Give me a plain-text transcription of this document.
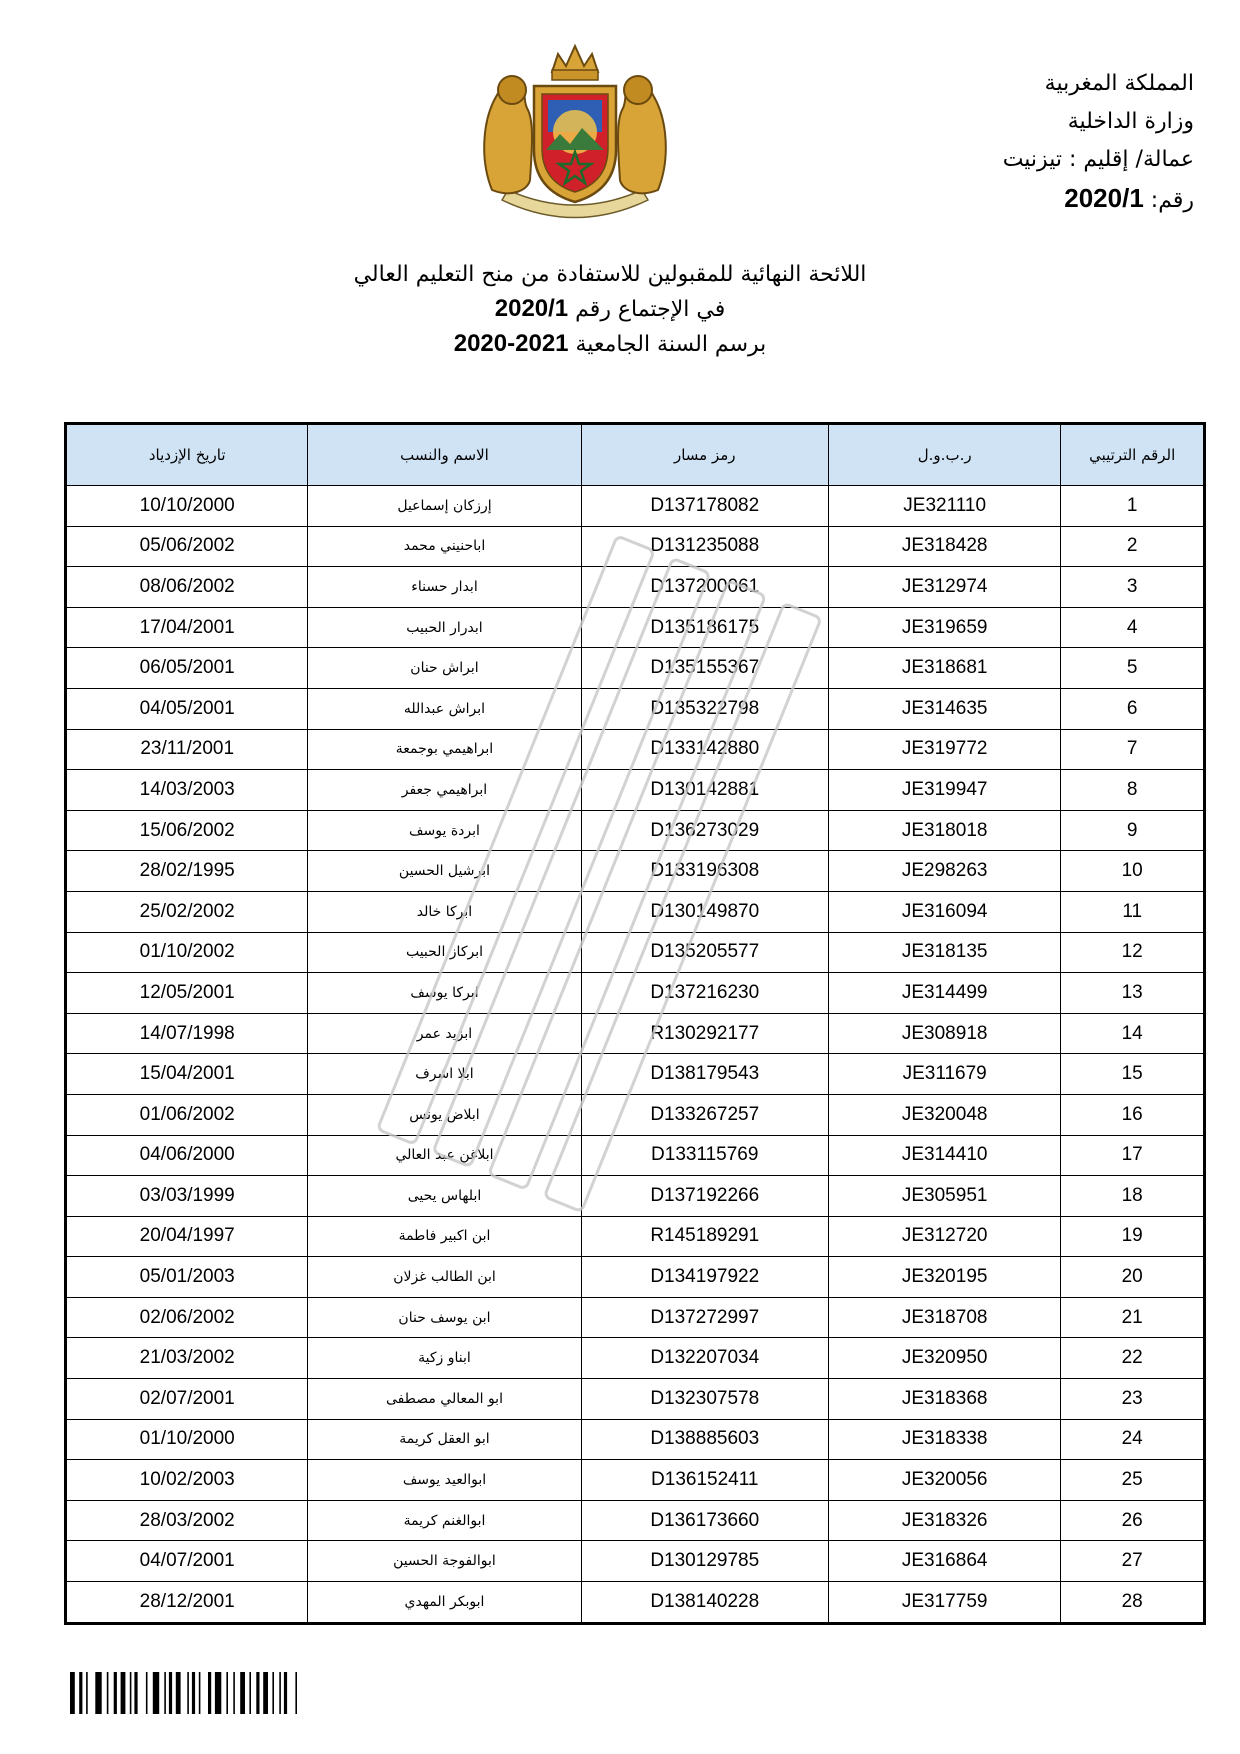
المملكة المغربية
وزارة الداخلية
عمالة/ إقليم : تيزنيت
رقم: 2020/1
اللائحة النهائية للمقبولين للاستفادة من منح التعليم العالي
في الإجتماع رقم 2020/1
برسم السنة الجامعية 2021-2020
الرقم الترتيبي	ر.ب.و.ل	رمز مسار	الاسم والنسب	تاريخ الإزدياد
1	JE321110	D137178082	إرزكان إسماعيل	10/10/2000
2	JE318428	D131235088	اباحنيني محمد	05/06/2002
3	JE312974	D137200061	ابدار حسناء	08/06/2002
4	JE319659	D135186175	ابدرار الحبيب	17/04/2001
5	JE318681	D135155367	ابراش حنان	06/05/2001
6	JE314635	D135322798	ابراش عبدالله	04/05/2001
7	JE319772	D133142880	ابراهيمي بوجمعة	23/11/2001
8	JE319947	D130142881	ابراهيمي جعفر	14/03/2003
9	JE318018	D136273029	ابردة يوسف	15/06/2002
10	JE298263	D133196308	ابرشيل الحسين	28/02/1995
11	JE316094	D130149870	ابركا خالد	25/02/2002
12	JE318135	D135205577	ابركاز الحبيب	01/10/2002
13	JE314499	D137216230	ابركا يوسف	12/05/2001
14	JE308918	R130292177	ابزيد عمر	14/07/1998
15	JE311679	D138179543	ابلا اشرف	15/04/2001
16	JE320048	D133267257	ابلاض يونس	01/06/2002
17	JE314410	D133115769	ابلاغن عبد العالي	04/06/2000
18	JE305951	D137192266	ابلهاس يحيى	03/03/1999
19	JE312720	R145189291	ابن اكبير فاطمة	20/04/1997
20	JE320195	D134197922	ابن الطالب غزلان	05/01/2003
21	JE318708	D137272997	ابن يوسف حنان	02/06/2002
22	JE320950	D132207034	ابناو زكية	21/03/2002
23	JE318368	D132307578	ابو المعالي مصطفى	02/07/2001
24	JE318338	D138885603	ابو العقل كريمة	01/10/2000
25	JE320056	D136152411	ابوالعيد يوسف	10/02/2003
26	JE318326	D136173660	ابوالغنم كريمة	28/03/2002
27	JE316864	D130129785	ابوالفوجة الحسين	04/07/2001
28	JE317759	D138140228	ابوبكر المهدي	28/12/2001
